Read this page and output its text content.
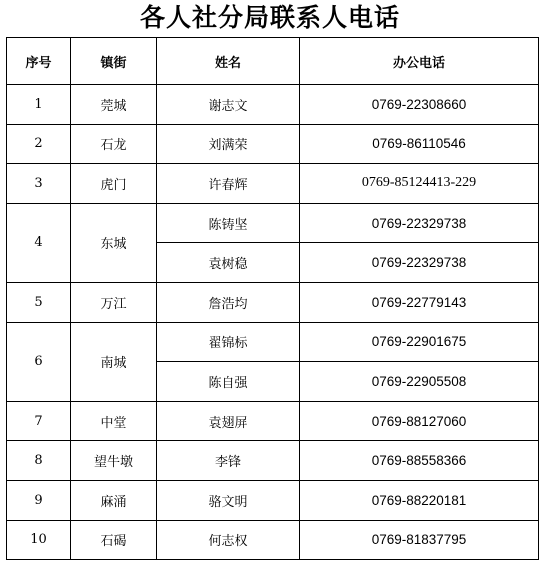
各人社分局联系人电话
序号	镇街	姓名	办公电话
1	莞城	谢志文	0769-22308660
2	石龙	刘满荣	0769-86110546
3	虎门	许春辉	0769-85124413-229
4	东城	陈铸坚	0769-22329738
		袁树稳	0769-22329738
5	万江	詹浩均	0769-22779143
6	南城	翟锦标	0769-22901675
		陈自强	0769-22905508
7	中堂	袁翅屏	0769-88127060
8	望牛墩	李锋	0769-88558366
9	麻涌	骆文明	0769-88220181
10	石碣	何志权	0769-81837795
